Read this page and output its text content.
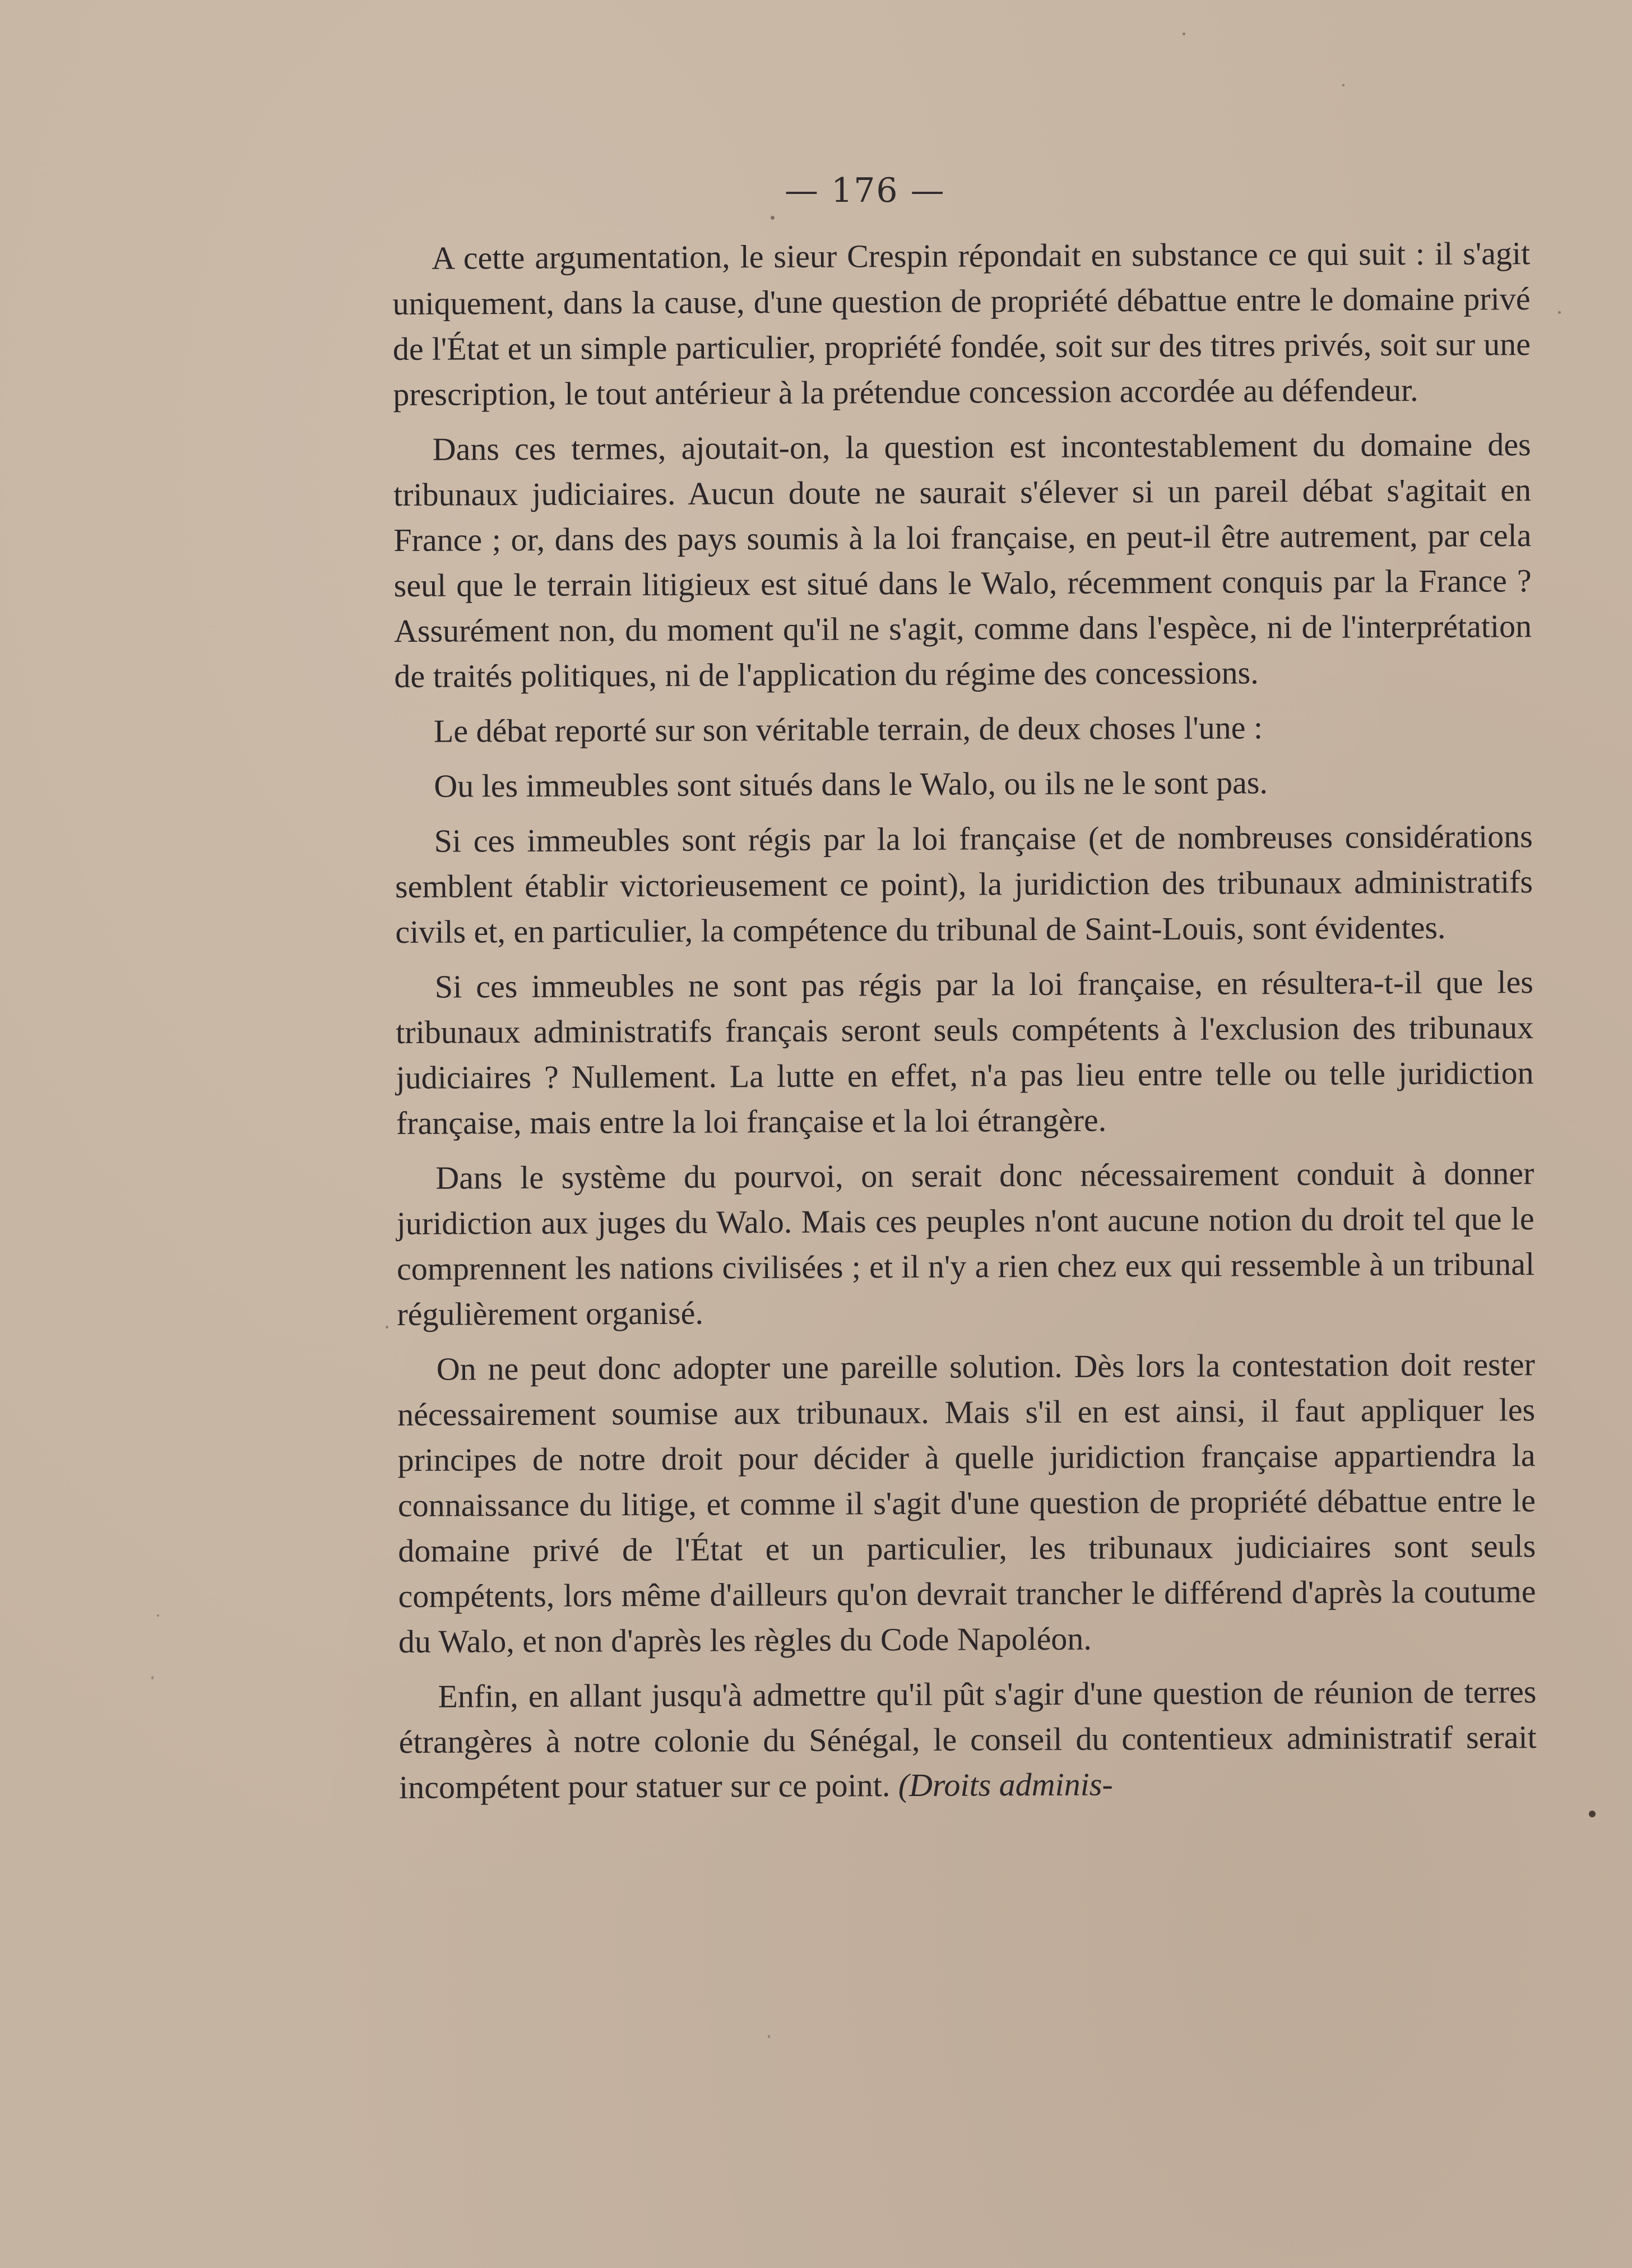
— 176 —

A cette argumentation, le sieur Crespin répondait en substance ce qui suit : il s'agit uniquement, dans la cause, d'une question de propriété débattue entre le domaine privé de l'État et un simple particulier, propriété fondée, soit sur des titres privés, soit sur une prescription, le tout antérieur à la prétendue concession accordée au défendeur.

Dans ces termes, ajoutait-on, la question est incontestablement du domaine des tribunaux judiciaires. Aucun doute ne saurait s'élever si un pareil débat s'agitait en France ; or, dans des pays soumis à la loi française, en peut-il être autrement, par cela seul que le terrain litigieux est situé dans le Walo, récemment conquis par la France ? Assurément non, du moment qu'il ne s'agit, comme dans l'espèce, ni de l'interprétation de traités politiques, ni de l'application du régime des concessions.

Le débat reporté sur son véritable terrain, de deux choses l'une :

Ou les immeubles sont situés dans le Walo, ou ils ne le sont pas.

Si ces immeubles sont régis par la loi française (et de nombreuses considérations semblent établir victorieusement ce point), la juridiction des tribunaux administratifs civils et, en particulier, la compétence du tribunal de Saint-Louis, sont évidentes.

Si ces immeubles ne sont pas régis par la loi française, en résultera-t-il que les tribunaux administratifs français seront seuls compétents à l'exclusion des tribunaux judiciaires ? Nullement. La lutte en effet, n'a pas lieu entre telle ou telle juridiction française, mais entre la loi française et la loi étrangère.

Dans le système du pourvoi, on serait donc nécessairement conduit à donner juridiction aux juges du Walo. Mais ces peuples n'ont aucune notion du droit tel que le comprennent les nations civilisées ; et il n'y a rien chez eux qui ressemble à un tribunal régulièrement organisé.

On ne peut donc adopter une pareille solution. Dès lors la contestation doit rester nécessairement soumise aux tribunaux. Mais s'il en est ainsi, il faut appliquer les principes de notre droit pour décider à quelle juridiction française appartiendra la connaissance du litige, et comme il s'agit d'une question de propriété débattue entre le domaine privé de l'État et un particulier, les tribunaux judiciaires sont seuls compétents, lors même d'ailleurs qu'on devrait trancher le différend d'après la coutume du Walo, et non d'après les règles du Code Napoléon.

Enfin, en allant jusqu'à admettre qu'il pût s'agir d'une question de réunion de terres étrangères à notre colonie du Sénégal, le conseil du contentieux administratif serait incompétent pour statuer sur ce point. (Droits adminis-
